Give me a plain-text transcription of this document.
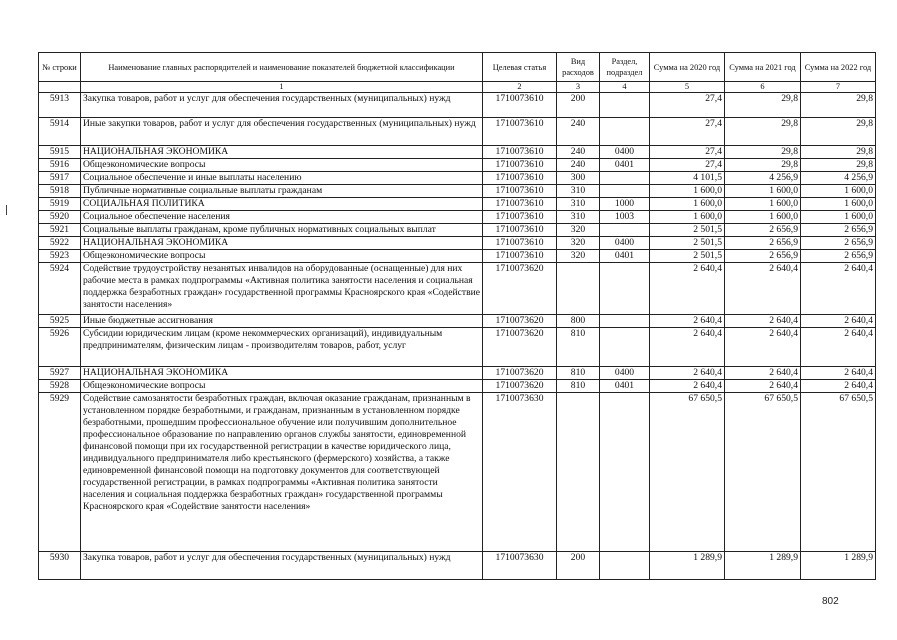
№ строки	Наименование главных распорядителей и наименование показателей бюджетной классификации	Целевая статья	Вид расходов	Раздел, подраздел	Сумма на 2020 год	Сумма на 2021 год	Сумма на 2022 год
	1	2	3	4	5	6	7
5913	Закупка товаров, работ и услуг для обеспечения государственных (муниципальных) нужд	1710073610	200		27,4	29,8	29,8
5914	Иные закупки товаров, работ и услуг для обеспечения государственных (муниципальных) нужд	1710073610	240		27,4	29,8	29,8
5915	НАЦИОНАЛЬНАЯ ЭКОНОМИКА	1710073610	240	0400	27,4	29,8	29,8
5916	Общеэкономические вопросы	1710073610	240	0401	27,4	29,8	29,8
5917	Социальное обеспечение и иные выплаты населению	1710073610	300		4 101,5	4 256,9	4 256,9
5918	Публичные нормативные социальные выплаты гражданам	1710073610	310		1 600,0	1 600,0	1 600,0
5919	СОЦИАЛЬНАЯ ПОЛИТИКА	1710073610	310	1000	1 600,0	1 600,0	1 600,0
5920	Социальное обеспечение населения	1710073610	310	1003	1 600,0	1 600,0	1 600,0
5921	Социальные выплаты гражданам, кроме публичных нормативных социальных выплат	1710073610	320		2 501,5	2 656,9	2 656,9
5922	НАЦИОНАЛЬНАЯ ЭКОНОМИКА	1710073610	320	0400	2 501,5	2 656,9	2 656,9
5923	Общеэкономические вопросы	1710073610	320	0401	2 501,5	2 656,9	2 656,9
5924	Содействие трудоустройству незанятых инвалидов на оборудованные (оснащенные) для них рабочие места в рамках подпрограммы «Активная политика занятости населения и социальная поддержка безработных граждан» государственной программы Красноярского края «Содействие занятости населения»	1710073620			2 640,4	2 640,4	2 640,4
5925	Иные бюджетные ассигнования	1710073620	800		2 640,4	2 640,4	2 640,4
5926	Субсидии юридическим лицам (кроме некоммерческих организаций), индивидуальным предпринимателям, физическим лицам - производителям товаров, работ, услуг	1710073620	810		2 640,4	2 640,4	2 640,4
5927	НАЦИОНАЛЬНАЯ ЭКОНОМИКА	1710073620	810	0400	2 640,4	2 640,4	2 640,4
5928	Общеэкономические вопросы	1710073620	810	0401	2 640,4	2 640,4	2 640,4
5929	Содействие самозанятости безработных граждан, включая оказание гражданам, признанным в установленном порядке безработными, и гражданам, признанным в установленном порядке безработными, прошедшим профессиональное обучение или получившим дополнительное профессиональное образование по направлению органов службы занятости, единовременной финансовой помощи при их государственной регистрации в качестве юридического лица, индивидуального предпринимателя либо крестьянского (фермерского) хозяйства, а также единовременной финансовой помощи на подготовку документов для соответствующей государственной регистрации, в рамках подпрограммы «Активная политика занятости населения и социальная поддержка безработных граждан» государственной программы Красноярского края «Содействие занятости населения»	1710073630			67 650,5	67 650,5	67 650,5
5930	Закупка товаров, работ и услуг для обеспечения государственных (муниципальных) нужд	1710073630	200		1 289,9	1 289,9	1 289,9
802
